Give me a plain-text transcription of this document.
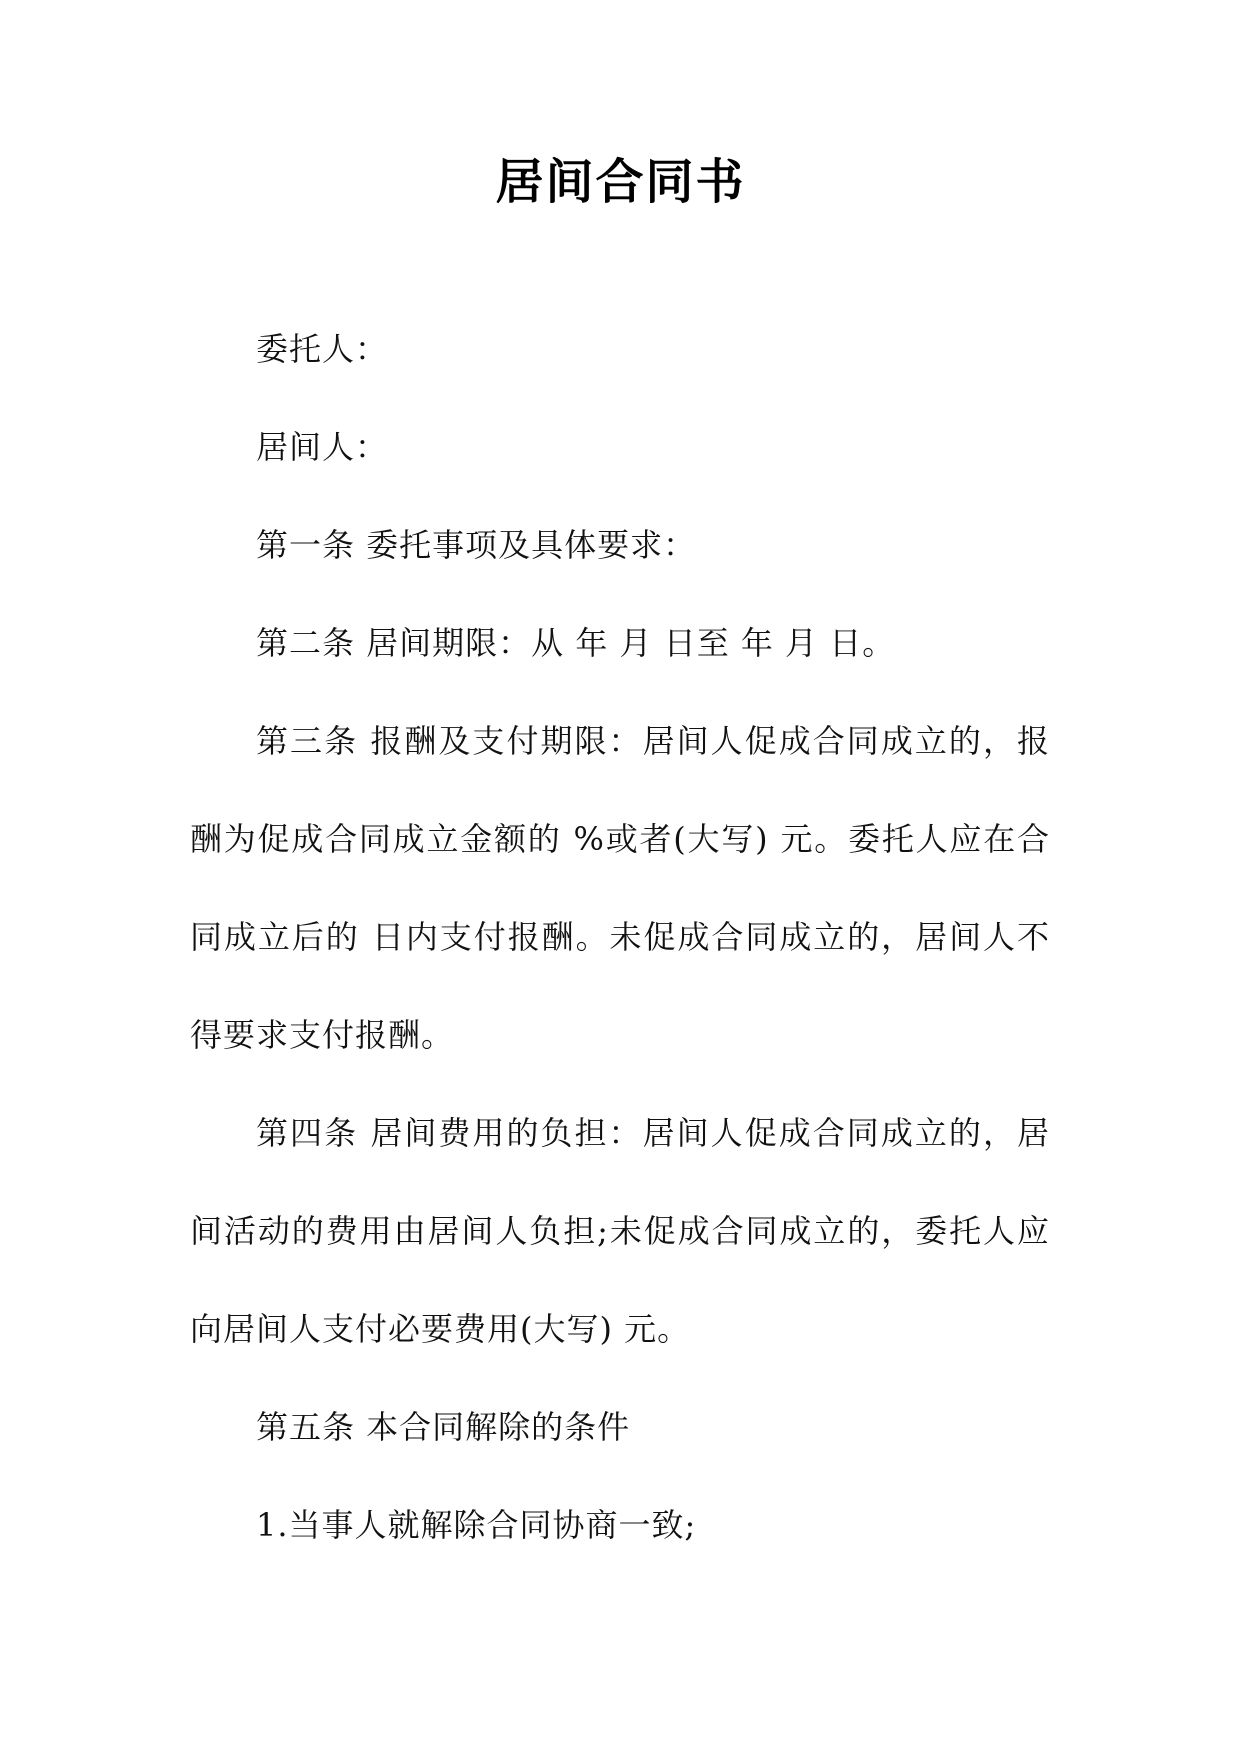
居间合同书

委托人：

居间人：

第一条 委托事项及具体要求：

第二条 居间期限：从 年 月 日至 年 月 日。

第三条 报酬及支付期限：居间人促成合同成立的，报酬为促成合同成立金额的 %或者(大写) 元。委托人应在合同成立后的 日内支付报酬。未促成合同成立的，居间人不得要求支付报酬。

第四条 居间费用的负担：居间人促成合同成立的，居间活动的费用由居间人负担;未促成合同成立的，委托人应向居间人支付必要费用(大写) 元。

第五条 本合同解除的条件

1.当事人就解除合同协商一致;
